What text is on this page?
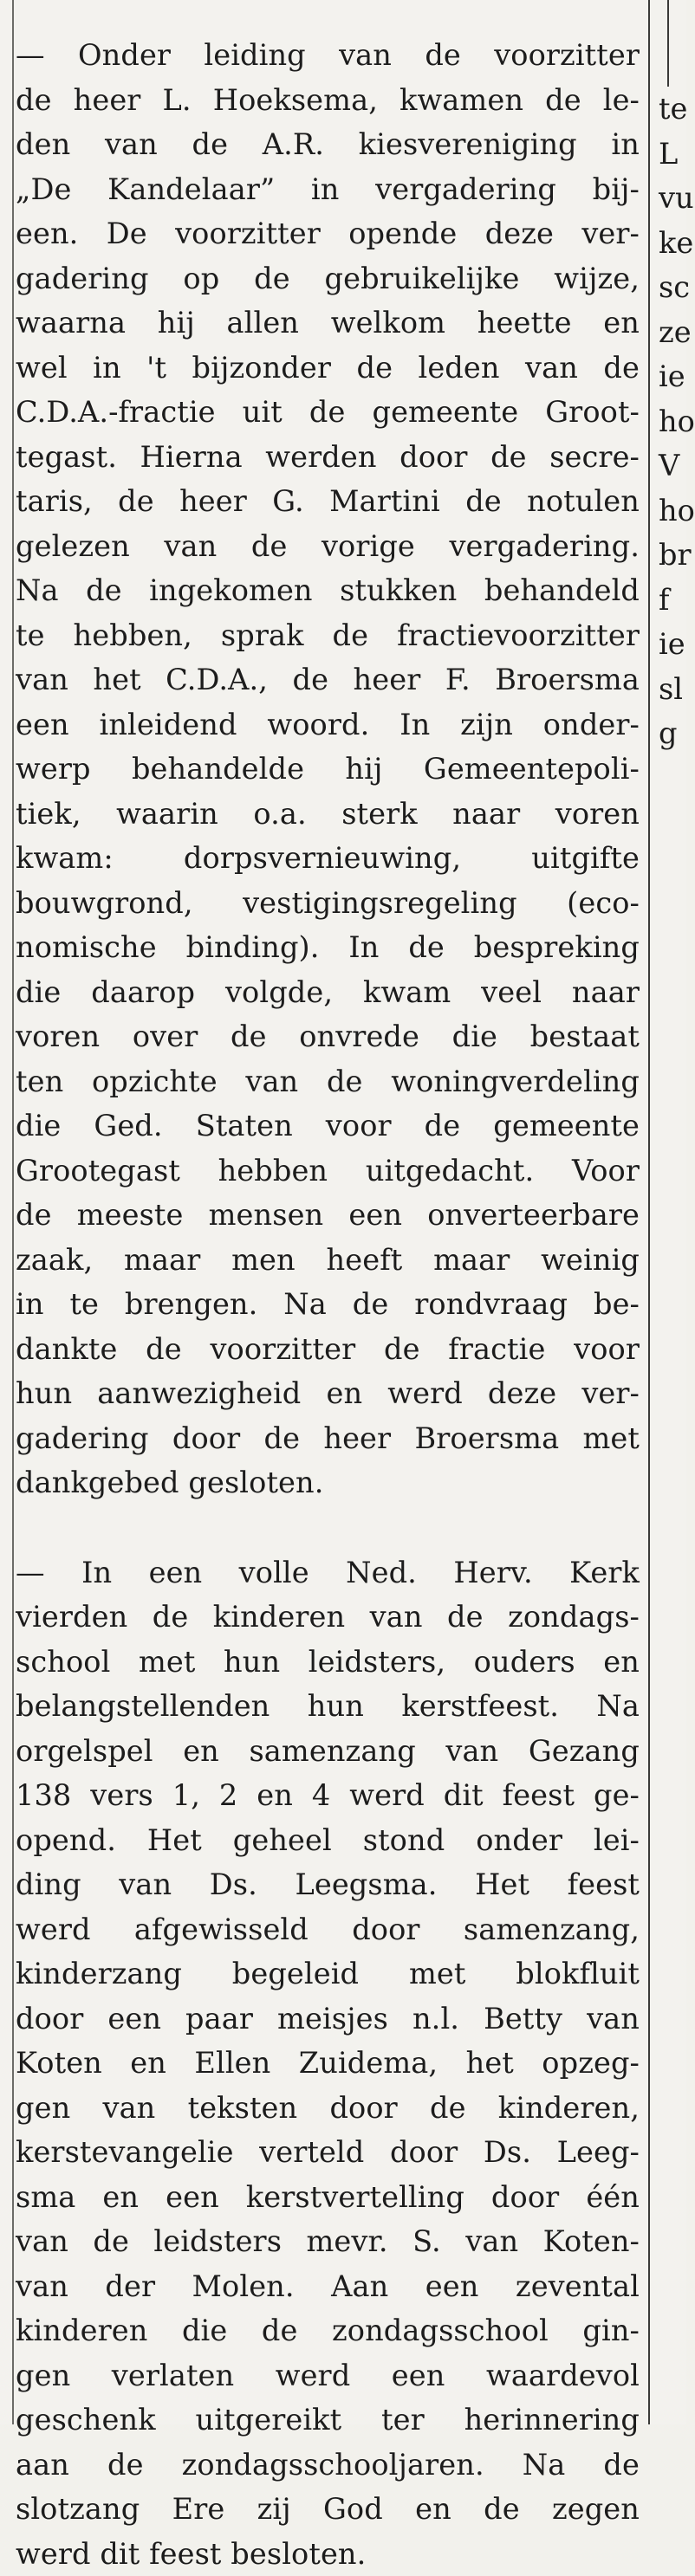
— Onder leiding van de voorzitter
de heer L. Hoeksema, kwamen de le-
den van de A.R. kiesvereniging in
„De Kandelaar” in vergadering bij-
een. De voorzitter opende deze ver-
gadering op de gebruikelijke wijze,
waarna hij allen welkom heette en
wel in 't bijzonder de leden van de
C.D.A.-fractie uit de gemeente Groot-
tegast. Hierna werden door de secre-
taris, de heer G. Martini de notulen
gelezen van de vorige vergadering.
Na de ingekomen stukken behandeld
te hebben, sprak de fractievoorzitter
van het C.D.A., de heer F. Broersma
een inleidend woord. In zijn onder-
werp behandelde hij Gemeentepoli-
tiek, waarin o.a. sterk naar voren
kwam: dorpsvernieuwing, uitgifte
bouwgrond, vestigingsregeling (eco-
nomische binding). In de bespreking
die daarop volgde, kwam veel naar
voren over de onvrede die bestaat
ten opzichte van de woningverdeling
die Ged. Staten voor de gemeente
Grootegast hebben uitgedacht. Voor
de meeste mensen een onverteerbare
zaak, maar men heeft maar weinig
in te brengen. Na de rondvraag be-
dankte de voorzitter de fractie voor
hun aanwezigheid en werd deze ver-
gadering door de heer Broersma met
dankgebed gesloten.
— In een volle Ned. Herv. Kerk
vierden de kinderen van de zondags-
school met hun leidsters, ouders en
belangstellenden hun kerstfeest. Na
orgelspel en samenzang van Gezang
138 vers 1, 2 en 4 werd dit feest ge-
opend. Het geheel stond onder lei-
ding van Ds. Leegsma. Het feest
werd afgewisseld door samenzang,
kinderzang begeleid met blokfluit
door een paar meisjes n.l. Betty van
Koten en Ellen Zuidema, het opzeg-
gen van teksten door de kinderen,
kerstevangelie verteld door Ds. Leeg-
sma en een kerstvertelling door één
van de leidsters mevr. S. van Koten-
van der Molen. Aan een zevental
kinderen die de zondagsschool gin-
gen verlaten werd een waardevol
geschenk uitgereikt ter herinnering
aan de zondagsschooljaren. Na de
slotzang Ere zij God en de zegen
werd dit feest besloten.
te
L
vu
ke
sc
ze
ie
ho
V
ho
br
f
ie
sl
g
